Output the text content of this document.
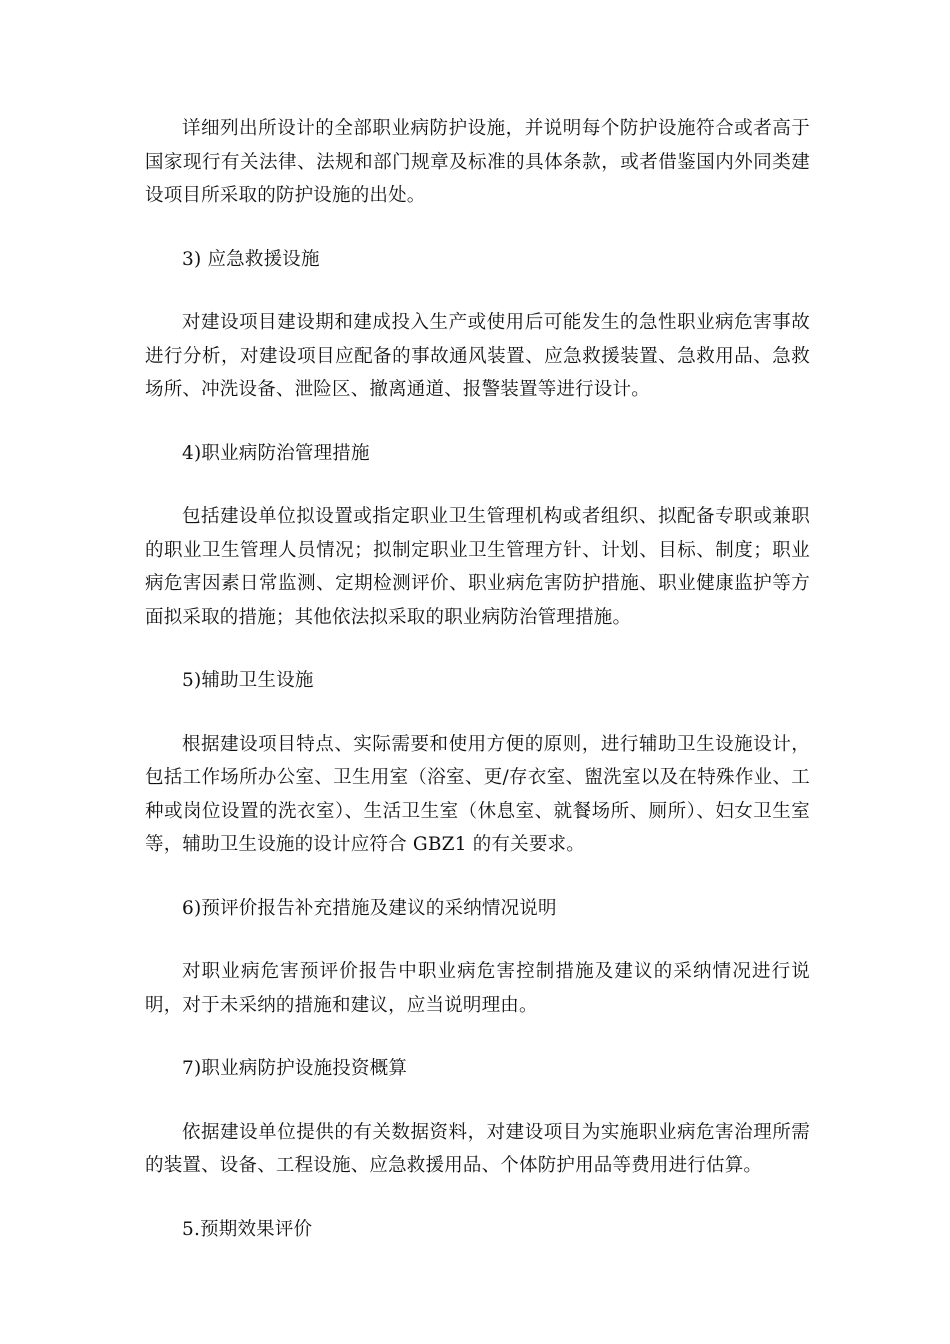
详细列出所设计的全部职业病防护设施，并说明每个防护设施符合或者高于国家现行有关法律、法规和部门规章及标准的具体条款，或者借鉴国内外同类建设项目所采取的防护设施的出处。

3) 应急救援设施

对建设项目建设期和建成投入生产或使用后可能发生的急性职业病危害事故进行分析，对建设项目应配备的事故通风装置、应急救援装置、急救用品、急救场所、冲洗设备、泄险区、撤离通道、报警装置等进行设计。

4)职业病防治管理措施

包括建设单位拟设置或指定职业卫生管理机构或者组织、拟配备专职或兼职的职业卫生管理人员情况；拟制定职业卫生管理方针、计划、目标、制度；职业病危害因素日常监测、定期检测评价、职业病危害防护措施、职业健康监护等方面拟采取的措施；其他依法拟采取的职业病防治管理措施。

5)辅助卫生设施

根据建设项目特点、实际需要和使用方便的原则，进行辅助卫生设施设计，包括工作场所办公室、卫生用室（浴室、更/存衣室、盥洗室以及在特殊作业、工种或岗位设置的洗衣室）、生活卫生室（休息室、就餐场所、厕所）、妇女卫生室等，辅助卫生设施的设计应符合 GBZ1 的有关要求。

6)预评价报告补充措施及建议的采纳情况说明

对职业病危害预评价报告中职业病危害控制措施及建议的采纳情况进行说明，对于未采纳的措施和建议，应当说明理由。

7)职业病防护设施投资概算

依据建设单位提供的有关数据资料，对建设项目为实施职业病危害治理所需的装置、设备、工程设施、应急救援用品、个体防护用品等费用进行估算。

5.预期效果评价
